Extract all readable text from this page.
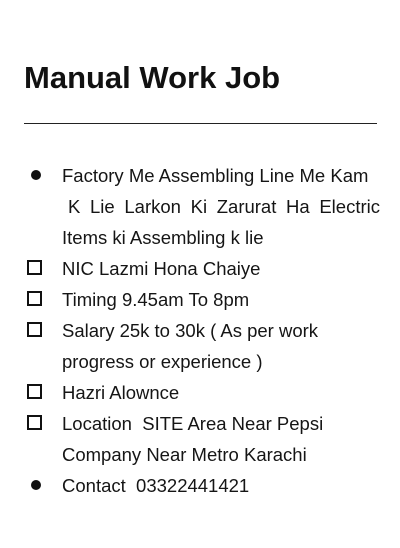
Manual Work Job
Factory Me Assembling Line Me Kam
K Lie Larkon Ki Zarurat Ha Electric
Items ki Assembling k lie
NIC Lazmi Hona Chaiye
Timing 9.45am To 8pm
Salary 25k to 30k ( As per work
progress or experience )
Hazri Alownce
Location  SITE Area Near Pepsi
Company Near Metro Karachi
Contact  03322441421
